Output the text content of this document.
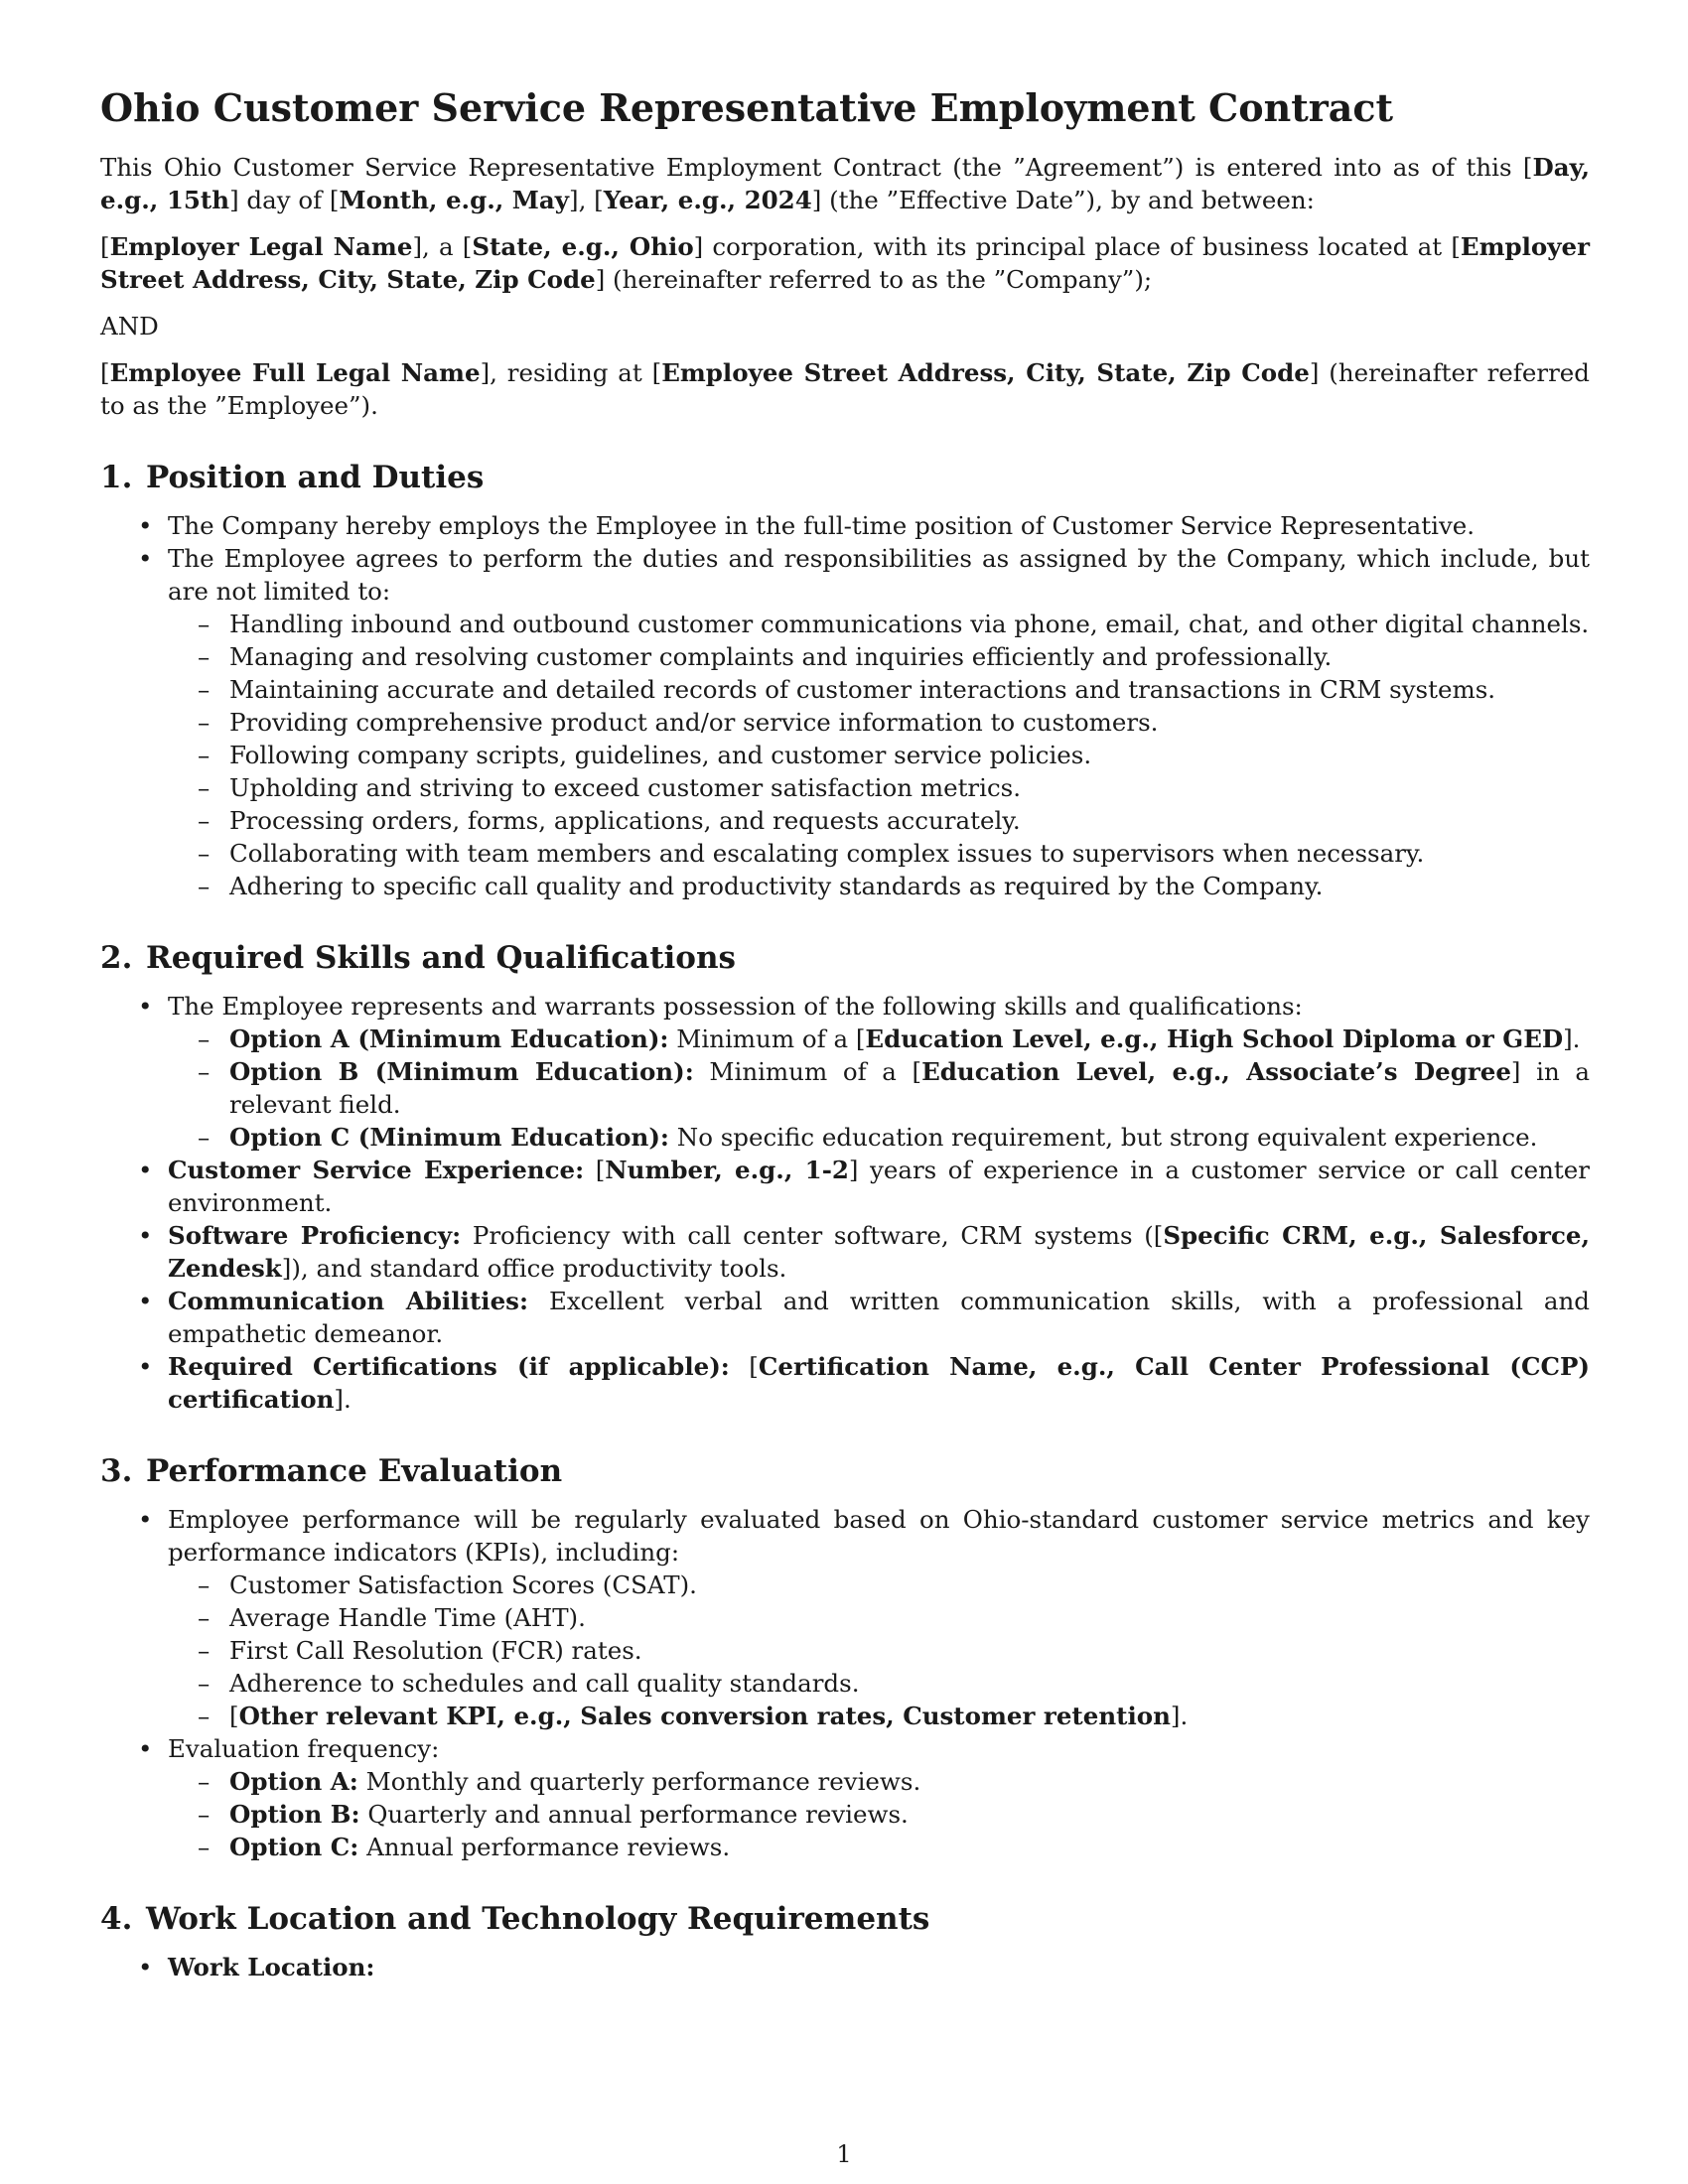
Ohio Customer Service Representative Employment Contract

This Ohio Customer Service Representative Employment Contract (the ”Agreement”) is entered into as of this [Day, e.g., 15th] day of [Month, e.g., May], [Year, e.g., 2024] (the ”Effective Date”), by and between:

[Employer Legal Name], a [State, e.g., Ohio] corporation, with its principal place of business located at [Employer Street Address, City, State, Zip Code] (hereinafter referred to as the ”Company”);

AND

[Employee Full Legal Name], residing at [Employee Street Address, City, State, Zip Code] (hereinafter referred to as the ”Employee”).

1. Position and Duties
• The Company hereby employs the Employee in the full-time position of Customer Service Representative.
• The Employee agrees to perform the duties and responsibilities as assigned by the Company, which include, but are not limited to:
– Handling inbound and outbound customer communications via phone, email, chat, and other digital channels.
– Managing and resolving customer complaints and inquiries efficiently and professionally.
– Maintaining accurate and detailed records of customer interactions and transactions in CRM systems.
– Providing comprehensive product and/or service information to customers.
– Following company scripts, guidelines, and customer service policies.
– Upholding and striving to exceed customer satisfaction metrics.
– Processing orders, forms, applications, and requests accurately.
– Collaborating with team members and escalating complex issues to supervisors when necessary.
– Adhering to specific call quality and productivity standards as required by the Company.
2. Required Skills and Qualifications
• The Employee represents and warrants possession of the following skills and qualifications:
– Option A (Minimum Education): Minimum of a [Education Level, e.g., High School Diploma or GED].
– Option B (Minimum Education): Minimum of a [Education Level, e.g., Associate’s Degree] in a relevant field.
– Option C (Minimum Education): No specific education requirement, but strong equivalent experience.
• Customer Service Experience: [Number, e.g., 1-2] years of experience in a customer service or call center environment.
• Software Proficiency: Proficiency with call center software, CRM systems ([Specific CRM, e.g., Salesforce, Zendesk]), and standard office productivity tools.
• Communication Abilities: Excellent verbal and written communication skills, with a professional and empathetic demeanor.
• Required Certifications (if applicable): [Certification Name, e.g., Call Center Professional (CCP) certification].
3. Performance Evaluation
• Employee performance will be regularly evaluated based on Ohio-standard customer service metrics and key performance indicators (KPIs), including:
– Customer Satisfaction Scores (CSAT).
– Average Handle Time (AHT).
– First Call Resolution (FCR) rates.
– Adherence to schedules and call quality standards.
– [Other relevant KPI, e.g., Sales conversion rates, Customer retention].
• Evaluation frequency:
– Option A: Monthly and quarterly performance reviews.
– Option B: Quarterly and annual performance reviews.
– Option C: Annual performance reviews.
4. Work Location and Technology Requirements
• Work Location:
1
